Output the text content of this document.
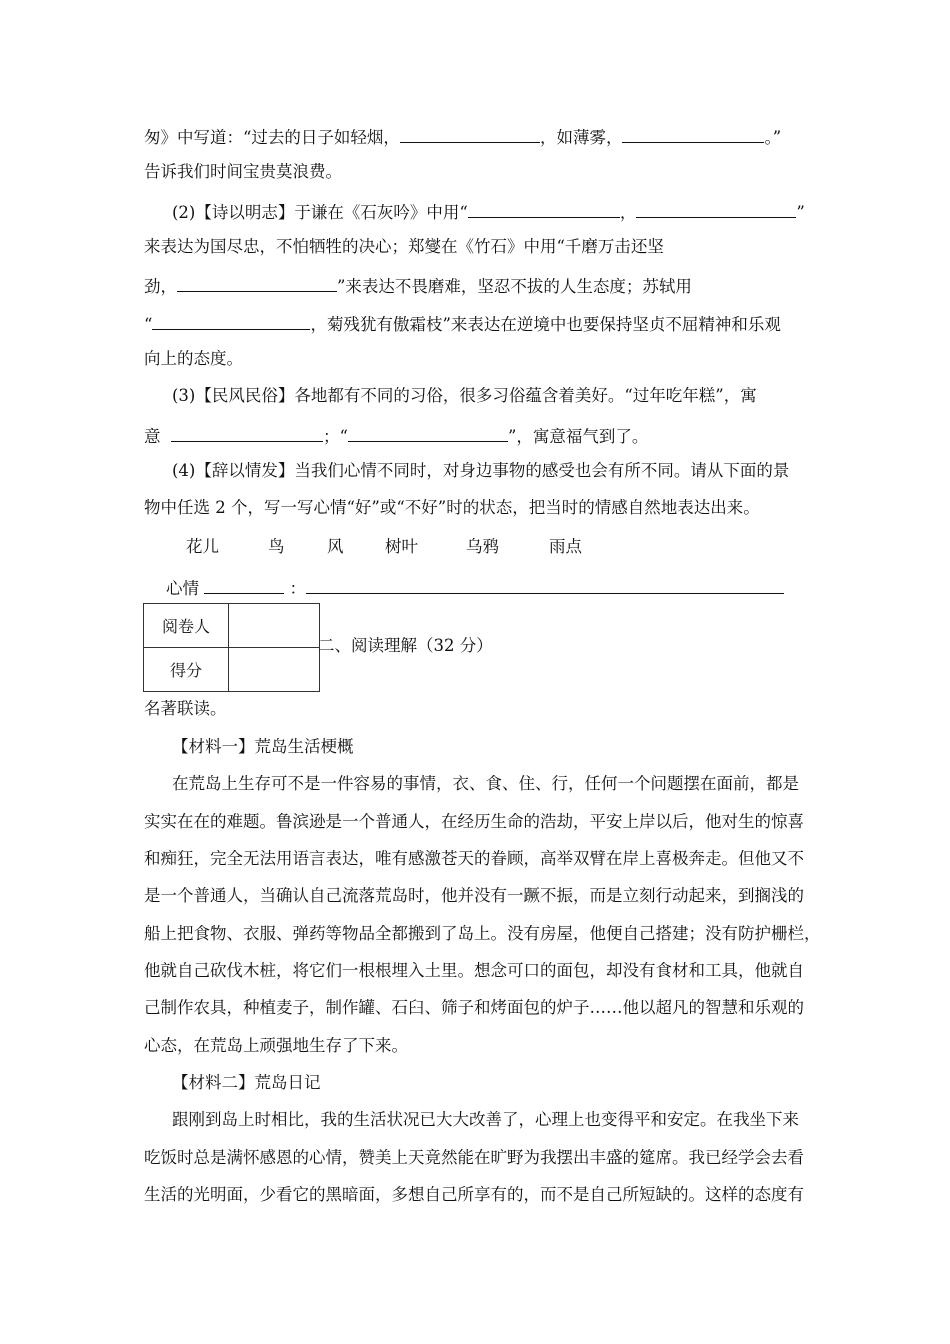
匆》中写道：“过去的日子如轻烟，	，如薄雾，	。”
告诉我们时间宝贵莫浪费。
(2)【诗以明志】于谦在《石灰吟》中用“	，	”
来表达为国尽忠，不怕牺牲的决心；郑燮在《竹石》中用“千磨万击还坚
劲，	”来表达不畏磨难，坚忍不拔的人生态度；苏轼用
“	，菊残犹有傲霜枝”来表达在逆境中也要保持坚贞不屈精神和乐观
向上的态度。
(3)【民风民俗】各地都有不同的习俗，很多习俗蕴含着美好。“过年吃年糕”，寓
意	；“	”，寓意福气到了。
(4)【辞以情发】当我们心情不同时，对身边事物的感受也会有所不同。请从下面的景
物中任选 2 个，写一写心情“好”或“不好”时的状态，把当时的情感自然地表达出来。
花儿	鸟	风	树叶	乌鸦	雨点
心情	：
阅卷人	
得分	
二、阅读理解（32 分）
名著联读。
【材料一】荒岛生活梗概
在荒岛上生存可不是一件容易的事情，衣、食、住、行，任何一个问题摆在面前，都是
实实在在的难题。鲁滨逊是一个普通人，在经历生命的浩劫，平安上岸以后，他对生的惊喜
和痴狂，完全无法用语言表达，唯有感激苍天的眷顾，高举双臂在岸上喜极奔走。但他又不
是一个普通人，当确认自己流落荒岛时，他并没有一蹶不振，而是立刻行动起来，到搁浅的
船上把食物、衣服、弹药等物品全都搬到了岛上。没有房屋，他便自己搭建；没有防护栅栏，
他就自己砍伐木桩，将它们一根根埋入土里。想念可口的面包，却没有食材和工具，他就自
己制作农具，种植麦子，制作罐、石臼、筛子和烤面包的炉子……他以超凡的智慧和乐观的
心态，在荒岛上顽强地生存了下来。
【材料二】荒岛日记
跟刚到岛上时相比，我的生活状况已大大改善了，心理上也变得平和安定。在我坐下来
吃饭时总是满怀感恩的心情，赞美上天竟然能在旷野为我摆出丰盛的筵席。我已经学会去看
生活的光明面，少看它的黑暗面，多想自己所享有的，而不是自己所短缺的。这样的态度有
